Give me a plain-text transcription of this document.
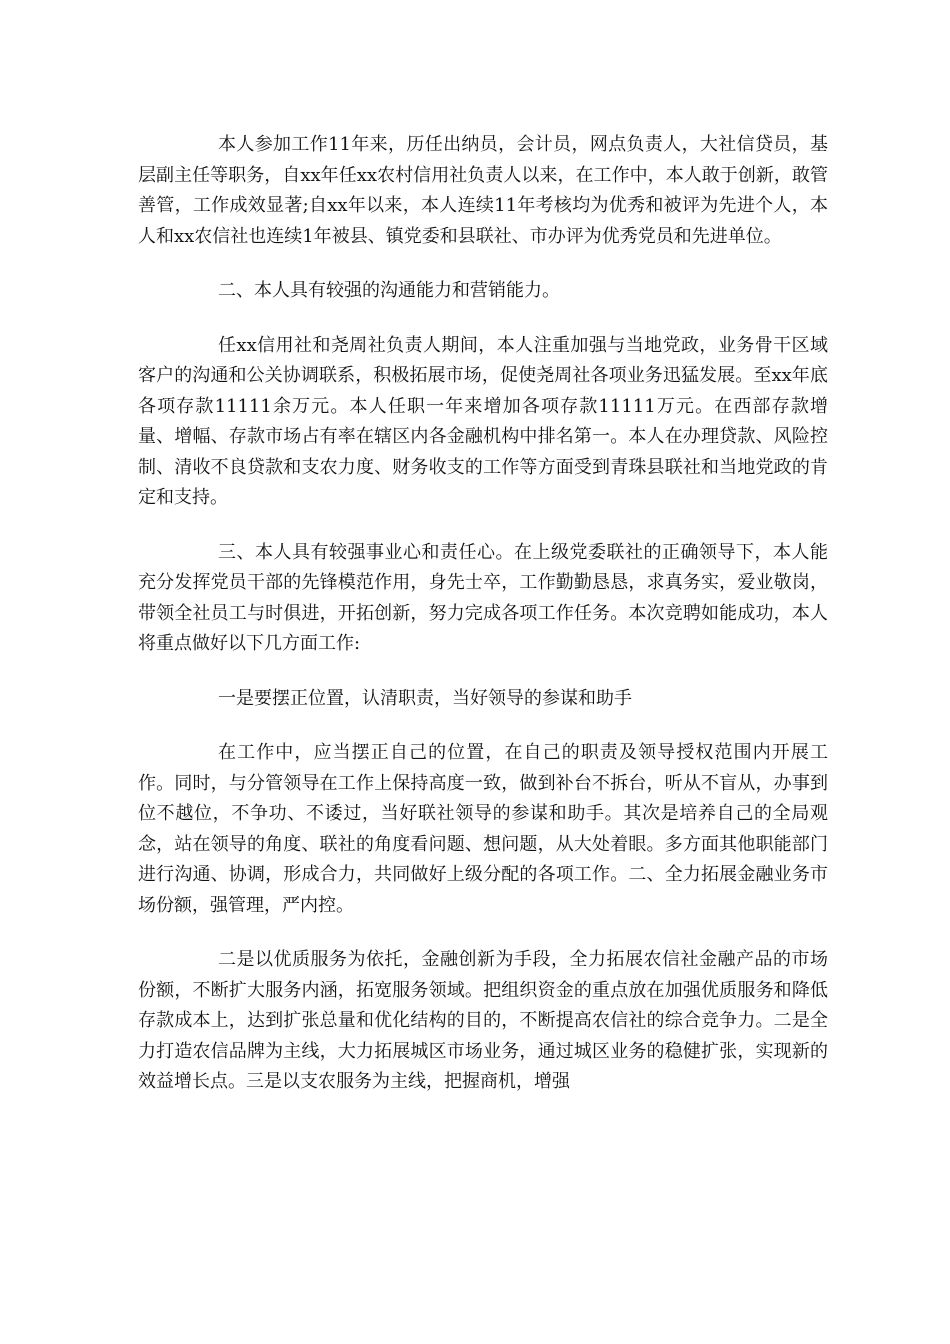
本人参加工作11年来，历任出纳员，会计员，网点负责人，大社信贷员，基层副主任等职务，自xx年任xx农村信用社负责人以来，在工作中，本人敢于创新，敢管善管，工作成效显著;自xx年以来，本人连续11年考核均为优秀和被评为先进个人，本人和xx农信社也连续1年被县、镇党委和县联社、市办评为优秀党员和先进单位。

二、本人具有较强的沟通能力和营销能力。

任xx信用社和尧周社负责人期间，本人注重加强与当地党政，业务骨干区域客户的沟通和公关协调联系，积极拓展市场，促使尧周社各项业务迅猛发展。至xx年底各项存款11111余万元。本人任职一年来增加各项存款11111万元。在西部存款增量、增幅、存款市场占有率在辖区内各金融机构中排名第一。本人在办理贷款、风险控制、清收不良贷款和支农力度、财务收支的工作等方面受到青珠县联社和当地党政的肯定和支持。

三、本人具有较强事业心和责任心。在上级党委联社的正确领导下，本人能充分发挥党员干部的先锋模范作用，身先士卒，工作勤勤恳恳，求真务实，爱业敬岗，带领全社员工与时俱进，开拓创新，努力完成各项工作任务。本次竞聘如能成功，本人将重点做好以下几方面工作:

一是要摆正位置，认清职责，当好领导的参谋和助手

在工作中，应当摆正自己的位置，在自己的职责及领导授权范围内开展工作。同时，与分管领导在工作上保持高度一致，做到补台不拆台，听从不盲从，办事到位不越位，不争功、不诿过，当好联社领导的参谋和助手。其次是培养自己的全局观念，站在领导的角度、联社的角度看问题、想问题，从大处着眼。多方面其他职能部门进行沟通、协调，形成合力，共同做好上级分配的各项工作。二、全力拓展金融业务市场份额，强管理，严内控。

二是以优质服务为依托，金融创新为手段，全力拓展农信社金融产品的市场份额，不断扩大服务内涵，拓宽服务领域。把组织资金的重点放在加强优质服务和降低存款成本上，达到扩张总量和优化结构的目的，不断提高农信社的综合竞争力。二是全力打造农信品牌为主线，大力拓展城区市场业务，通过城区业务的稳健扩张，实现新的效益增长点。三是以支农服务为主线，把握商机，增强
